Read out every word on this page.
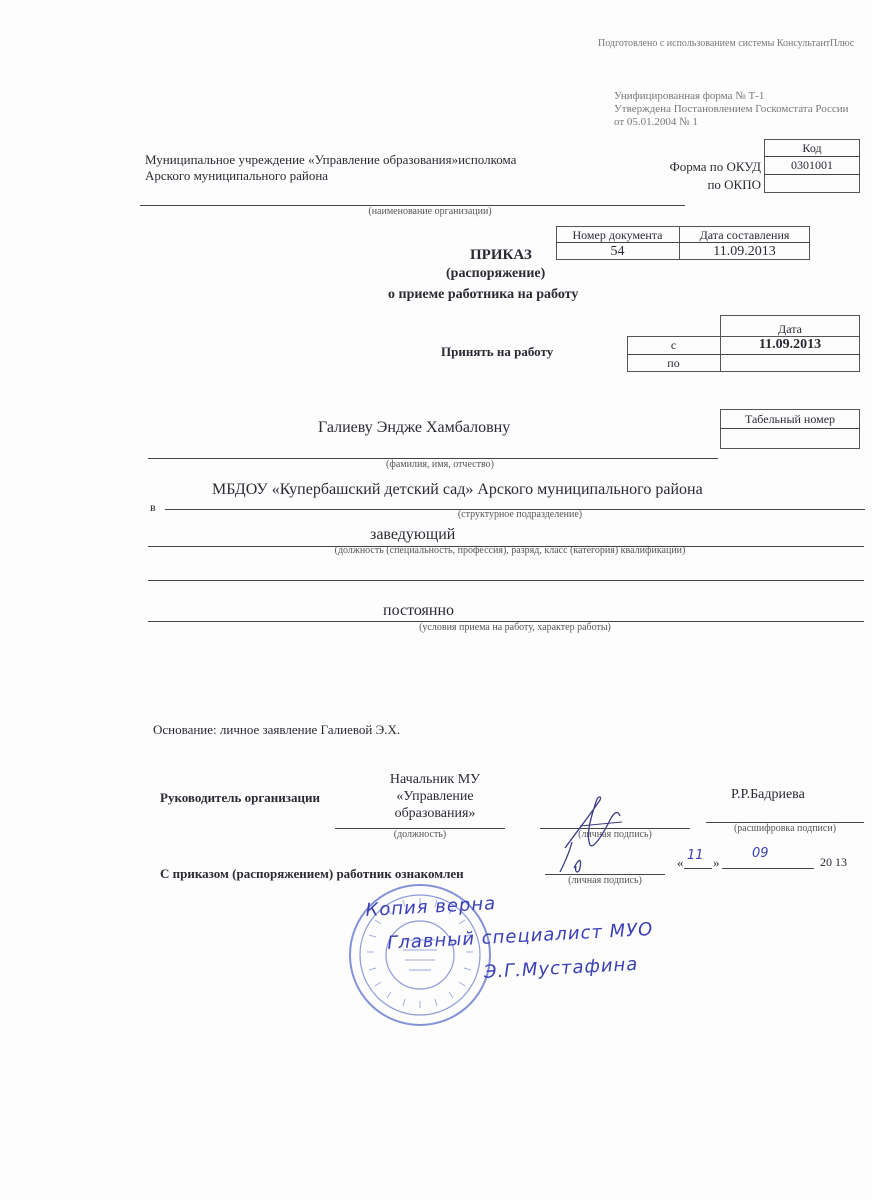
Подготовлено с использованием системы КонсультантПлюс
Унифицированная форма № Т-1
Утверждена Постановлением Госкомстата России
от 05.01.2004 № 1
Муниципальное учреждение «Управление образования»исполкома
Арского муниципального района
(наименование организации)
Форма по ОКУД
по ОКПО
Код
0301001
Номер документа	Дата составления
54	11.09.2013
ПРИКАЗ
(распоряжение)
о приеме работника на работу
Принять на работу
Дата
с	11.09.2013
по
Галиеву Эндже Хамбаловну
(фамилия, имя, отчество)
Табельный номер
в
МБДОУ «Купербашский детский сад» Арского муниципального района
(структурное подразделение)
заведующий
(должность (специальность, профессия), разряд, класс (категория) квалификации)
постоянно
(условия приема на работу, характер работы)
Основание: личное заявление Галиевой Э.Х.
Руководитель организации
Начальник МУ
«Управление
образования»
(должность)	(личная подпись)
Р.Р.Бадриева
(расшифровка подписи)
С приказом (распоряжением) работник ознакомлен	(личная подпись)
« 11 »
09
20 13
Копия верна
Главный специалист МУО
Э.Г.Мустафина
